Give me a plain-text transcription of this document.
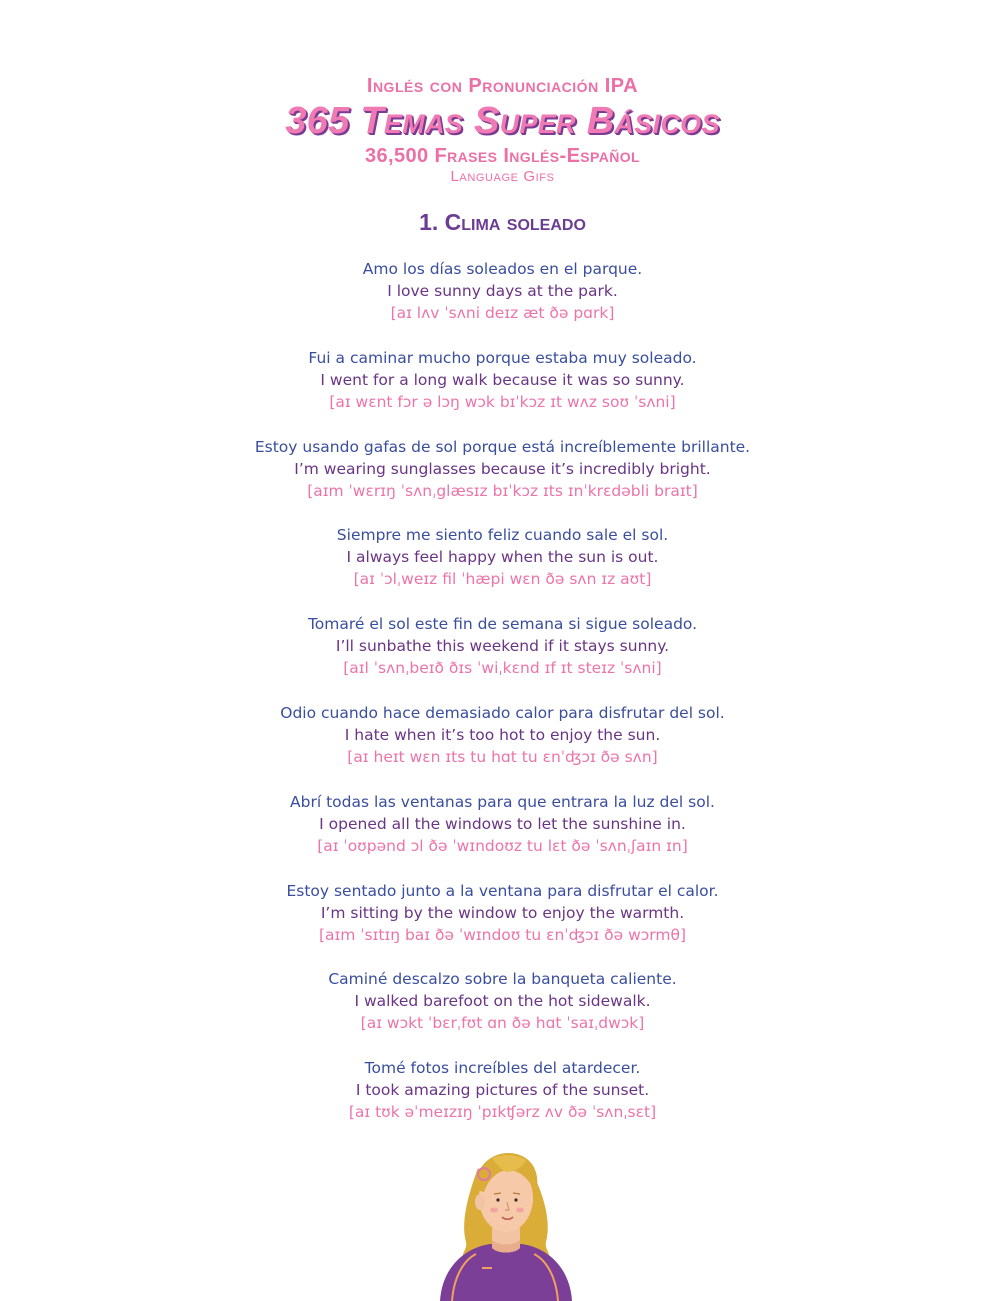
Inglés con Pronunciación IPA
365 Temas Super Básicos
36,500 Frases Inglés-Español
Language Gifs
1. Clima soleado
Amo los días soleados en el parque.
I love sunny days at the park.
[aɪ lʌv ˈsʌni deɪz æt ðə pɑrk]
Fui a caminar mucho porque estaba muy soleado.
I went for a long walk because it was so sunny.
[aɪ wɛnt fɔr ə lɔŋ wɔk bɪˈkɔz ɪt wʌz soʊ ˈsʌni]
Estoy usando gafas de sol porque está increíblemente brillante.
I’m wearing sunglasses because it’s incredibly bright.
[aɪm ˈwɛrɪŋ ˈsʌnˌglæsɪz bɪˈkɔz ɪts ɪnˈkrɛdəbli braɪt]
Siempre me siento feliz cuando sale el sol.
I always feel happy when the sun is out.
[aɪ ˈɔlˌweɪz fil ˈhæpi wɛn ðə sʌn ɪz aʊt]
Tomaré el sol este fin de semana si sigue soleado.
I’ll sunbathe this weekend if it stays sunny.
[aɪl ˈsʌnˌbeɪð ðɪs ˈwiˌkɛnd ɪf ɪt steɪz ˈsʌni]
Odio cuando hace demasiado calor para disfrutar del sol.
I hate when it’s too hot to enjoy the sun.
[aɪ heɪt wɛn ɪts tu hɑt tu ɛnˈʤɔɪ ðə sʌn]
Abrí todas las ventanas para que entrara la luz del sol.
I opened all the windows to let the sunshine in.
[aɪ ˈoʊpənd ɔl ðə ˈwɪndoʊz tu lɛt ðə ˈsʌnˌʃaɪn ɪn]
Estoy sentado junto a la ventana para disfrutar el calor.
I’m sitting by the window to enjoy the warmth.
[aɪm ˈsɪtɪŋ baɪ ðə ˈwɪndoʊ tu ɛnˈʤɔɪ ðə wɔrmθ]
Caminé descalzo sobre la banqueta caliente.
I walked barefoot on the hot sidewalk.
[aɪ wɔkt ˈbɛrˌfʊt ɑn ðə hɑt ˈsaɪˌdwɔk]
Tomé fotos increíbles del atardecer.
I took amazing pictures of the sunset.
[aɪ tʊk əˈmeɪzɪŋ ˈpɪkʧərz ʌv ðə ˈsʌnˌsɛt]
